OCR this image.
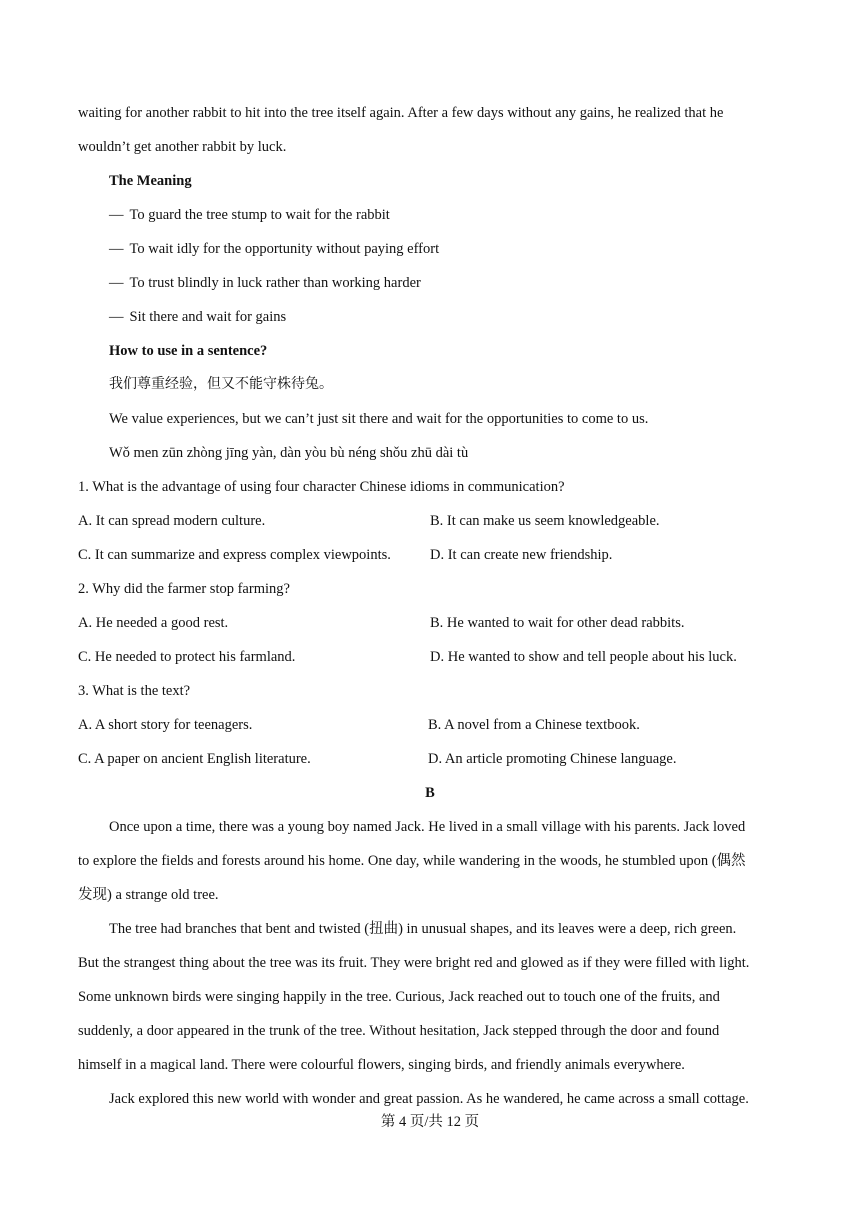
waiting for another rabbit to hit into the tree itself again. After a few days without any gains, he realized that he
wouldn’t get another rabbit by luck.
The Meaning
— To guard the tree stump to wait for the rabbit
— To wait idly for the opportunity without paying effort
— To trust blindly in luck rather than working harder
— Sit there and wait for gains
How to use in a sentence?
我们尊重经验，但又不能守株待兔。
We value experiences, but we can’t just sit there and wait for the opportunities to come to us.
Wǒ men zūn zhòng jīng yàn, dàn yòu bù néng shǒu zhū dài tù
1. What is the advantage of using four character Chinese idioms in communication?
A. It can spread modern culture.	B. It can make us seem knowledgeable.
C. It can summarize and express complex viewpoints.	D. It can create new friendship.
2. Why did the farmer stop farming?
A. He needed a good rest.	B. He wanted to wait for other dead rabbits.
C. He needed to protect his farmland.	D. He wanted to show and tell people about his luck.
3. What is the text?
A. A short story for teenagers.	B. A novel from a Chinese textbook.
C. A paper on ancient English literature.	D. An article promoting Chinese language.
B
Once upon a time, there was a young boy named Jack. He lived in a small village with his parents. Jack loved
to explore the fields and forests around his home. One day, while wandering in the woods, he stumbled upon (偶然
发现) a strange old tree.
The tree had branches that bent and twisted (扭曲) in unusual shapes, and its leaves were a deep, rich green.
But the strangest thing about the tree was its fruit. They were bright red and glowed as if they were filled with light.
Some unknown birds were singing happily in the tree. Curious, Jack reached out to touch one of the fruits, and
suddenly, a door appeared in the trunk of the tree. Without hesitation, Jack stepped through the door and found
himself in a magical land. There were colourful flowers, singing birds, and friendly animals everywhere.
Jack explored this new world with wonder and great passion. As he wandered, he came across a small cottage.
第 4 页/共 12 页
